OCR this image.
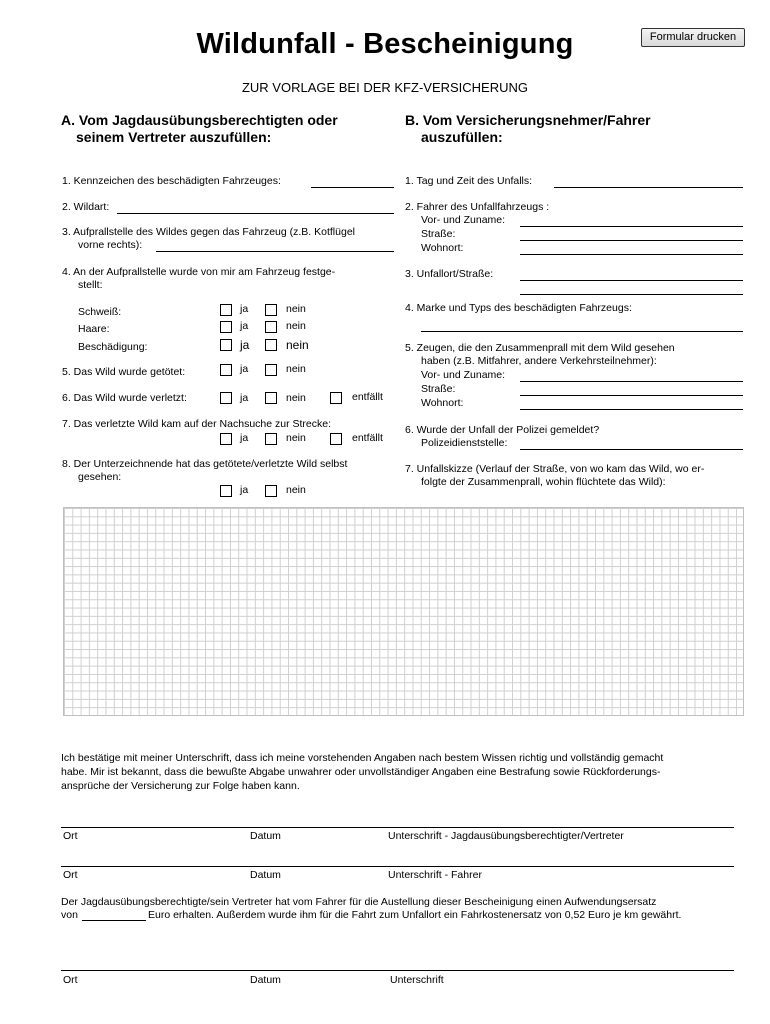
Wildunfall - Bescheinigung	Formular drucken
ZUR VORLAGE BEI DER KFZ-VERSICHERUNG
A. Vom Jagdausübungsberechtigten oder
seinem Vertreter auszufüllen:
B. Vom Versicherungsnehmer/Fahrer
auszufüllen:
1. Kennzeichen des beschädigten Fahrzeuges:
2. Wildart:
3. Aufprallstelle des Wildes gegen das Fahrzeug (z.B. Kotflügel
vorne rechts):
4. An der Aufprallstelle wurde von mir am Fahrzeug festge-
stellt:
Schweiß:	ja	nein
Haare:	ja	nein
Beschädigung:	ja	nein
5. Das Wild wurde getötet:	ja	nein
6. Das Wild wurde verletzt:	ja	nein	entfällt
7. Das verletzte Wild kam auf der Nachsuche zur Strecke:
ja	nein	entfällt
8. Der Unterzeichnende hat das getötete/verletzte Wild selbst
gesehen:
ja	nein
1. Tag und Zeit des Unfalls:
2. Fahrer des Unfallfahrzeugs :
Vor- und Zuname:
Straße:
Wohnort:
3. Unfallort/Straße:
4. Marke und Typs des beschädigten Fahrzeugs:
5. Zeugen, die den Zusammenprall mit dem Wild gesehen
haben (z.B. Mitfahrer, andere Verkehrsteilnehmer):
Vor- und Zuname:
Straße:
Wohnort:
6. Wurde der Unfall der Polizei gemeldet?
Polizeidienststelle:
7. Unfallskizze (Verlauf der Straße, von wo kam das Wild, wo er-
folgte der Zusammenprall, wohin flüchtete das Wild):
Ich bestätige mit meiner Unterschrift, dass ich meine vorstehenden Angaben nach bestem Wissen richtig und vollständig gemacht
habe. Mir ist bekannt, dass die bewußte Abgabe unwahrer oder unvollständiger Angaben eine Bestrafung sowie Rückforderungs-
ansprüche der Versicherung zur Folge haben kann.
Ort	Datum	Unterschrift - Jagdausübungsberechtigter/Vertreter
Ort	Datum	Unterschrift - Fahrer
Der Jagdausübungsberechtigte/sein Vertreter hat vom Fahrer für die Austellung dieser Bescheinigung einen Aufwendungsersatz
von	Euro erhalten. Außerdem wurde ihm für die Fahrt zum Unfallort ein Fahrkostenersatz von 0,52 Euro je km gewährt.
Ort	Datum	Unterschrift
